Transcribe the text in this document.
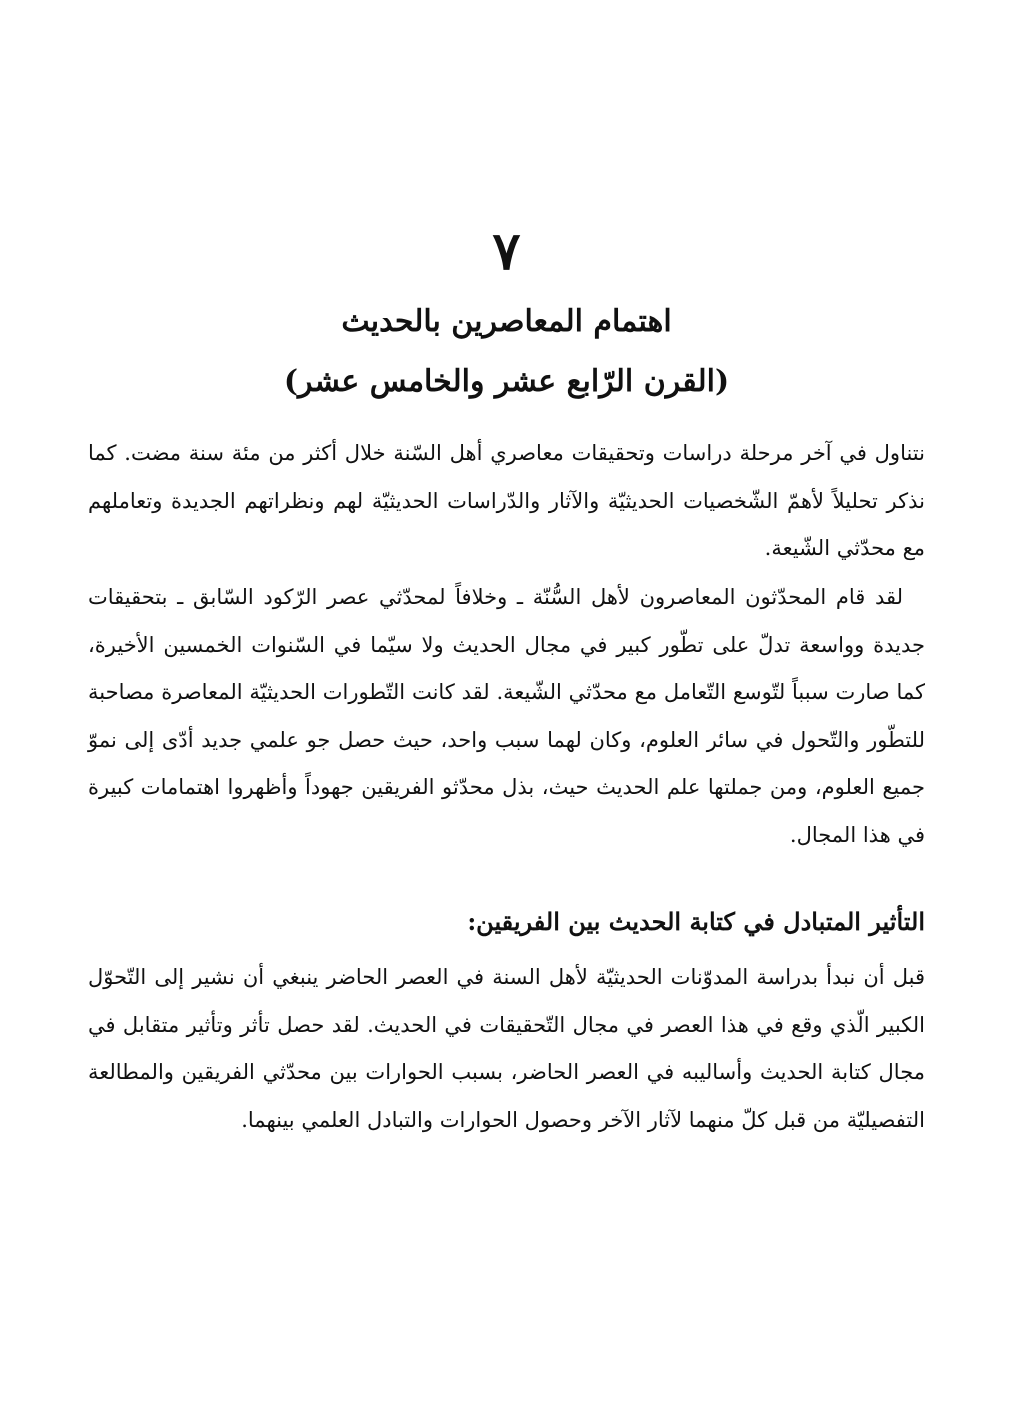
٧
اهتمام المعاصرين بالحديث
(القرن الرّابع عشر والخامس عشر)

نتناول في آخر مرحلة دراسات وتحقيقات معاصري أهل السّنة خلال أكثر من مئة سنة مضت. كما نذكر تحليلاً لأهمّ الشّخصيات الحديثيّة والآثار والدّراسات الحديثيّة لهم ونظراتهم الجديدة وتعاملهم مع محدّثي الشّيعة.

لقد قام المحدّثون المعاصرون لأهل السُّنّة ـ وخلافاً لمحدّثي عصر الرّكود السّابق ـ بتحقيقات جديدة وواسعة تدلّ على تطّور كبير في مجال الحديث ولا سيّما في السّنوات الخمسين الأخيرة، كما صارت سبباً لتّوسع التّعامل مع محدّثي الشّيعة. لقد كانت التّطورات الحديثيّة المعاصرة مصاحبة للتطّور والتّحول في سائر العلوم، وكان لهما سبب واحد، حيث حصل جو علمي جديد أدّى إلى نموّ جميع العلوم، ومن جملتها علم الحديث حيث، بذل محدّثو الفريقين جهوداً وأظهروا اهتمامات كبيرة في هذا المجال.

التأثير المتبادل في كتابة الحديث بين الفريقين:

قبل أن نبدأ بدراسة المدوّنات الحديثيّة لأهل السنة في العصر الحاضر ينبغي أن نشير إلى التّحوّل الكبير الّذي وقع في هذا العصر في مجال التّحقيقات في الحديث. لقد حصل تأثر وتأثير متقابل في مجال كتابة الحديث وأساليبه في العصر الحاضر، بسبب الحوارات بين محدّثي الفريقين والمطالعة التفصيليّة من قبل كلّ منهما لآثار الآخر وحصول الحوارات والتبادل العلمي بينهما.
